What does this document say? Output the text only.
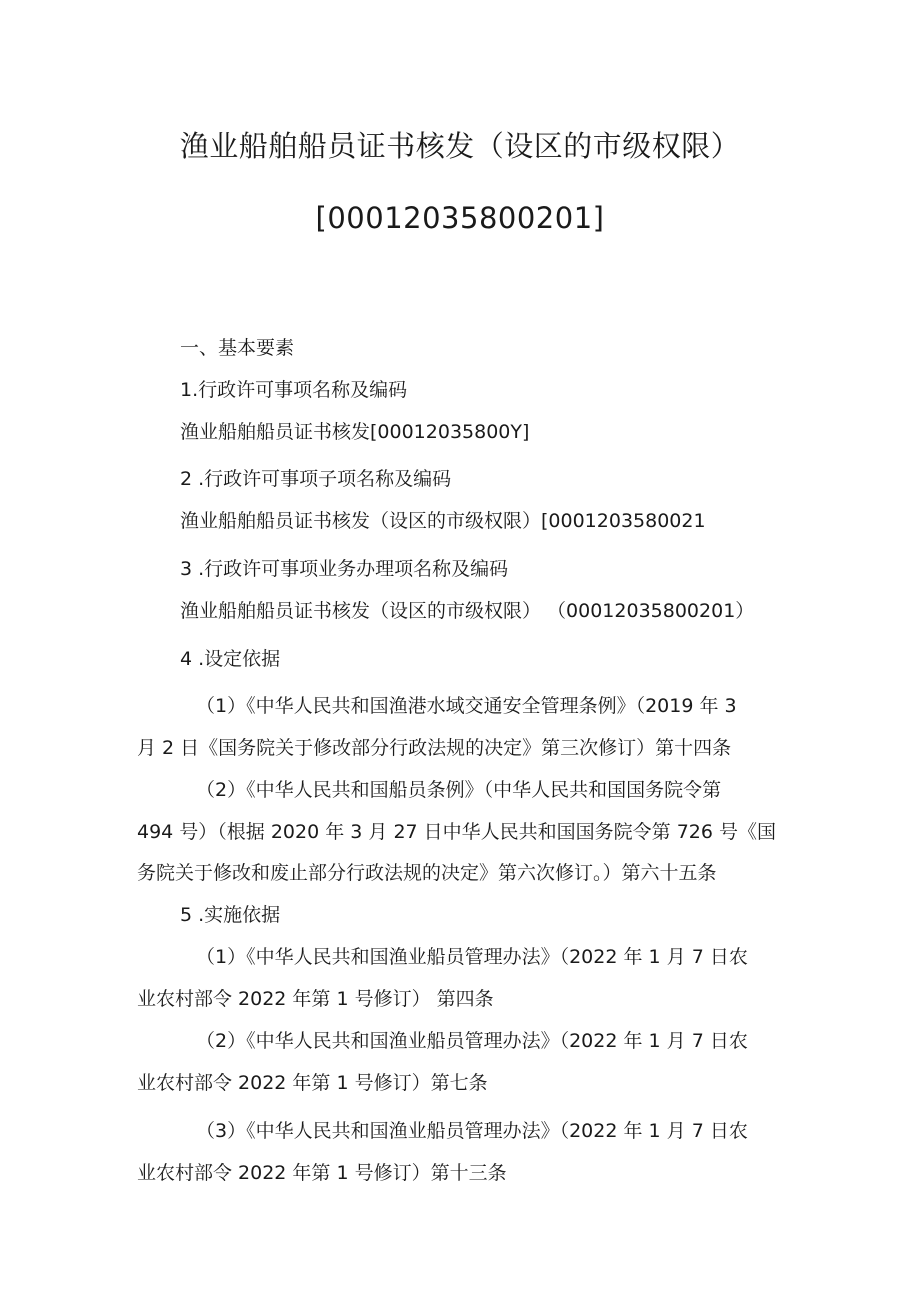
渔业船舶船员证书核发（设区的市级权限）
[00012035800201]
一、基本要素
1.行政许可事项名称及编码
渔业船舶船员证书核发[00012035800Y]
2 .行政许可事项子项名称及编码
渔业船舶船员证书核发（设区的市级权限）[0001203580021
3 .行政许可事项业务办理项名称及编码
渔业船舶船员证书核发（设区的市级权限） （00012035800201）
4 .设定依据
（1）《中华人民共和国渔港水域交通安全管理条例》（2019 年 3
月 2 日《国务院关于修改部分行政法规的决定》第三次修订）第十四条
（2）《中华人民共和国船员条例》（中华人民共和国国务院令第
494 号）（根据 2020 年 3 月 27 日中华人民共和国国务院令第 726 号《国
务院关于修改和废止部分行政法规的决定》第六次修订。）第六十五条
5 .实施依据
（1）《中华人民共和国渔业船员管理办法》（2022 年 1 月 7 日农
业农村部令 2022 年第 1 号修订） 第四条
（2）《中华人民共和国渔业船员管理办法》（2022 年 1 月 7 日农
业农村部令 2022 年第 1 号修订）第七条
（3）《中华人民共和国渔业船员管理办法》（2022 年 1 月 7 日农
业农村部令 2022 年第 1 号修订）第十三条
